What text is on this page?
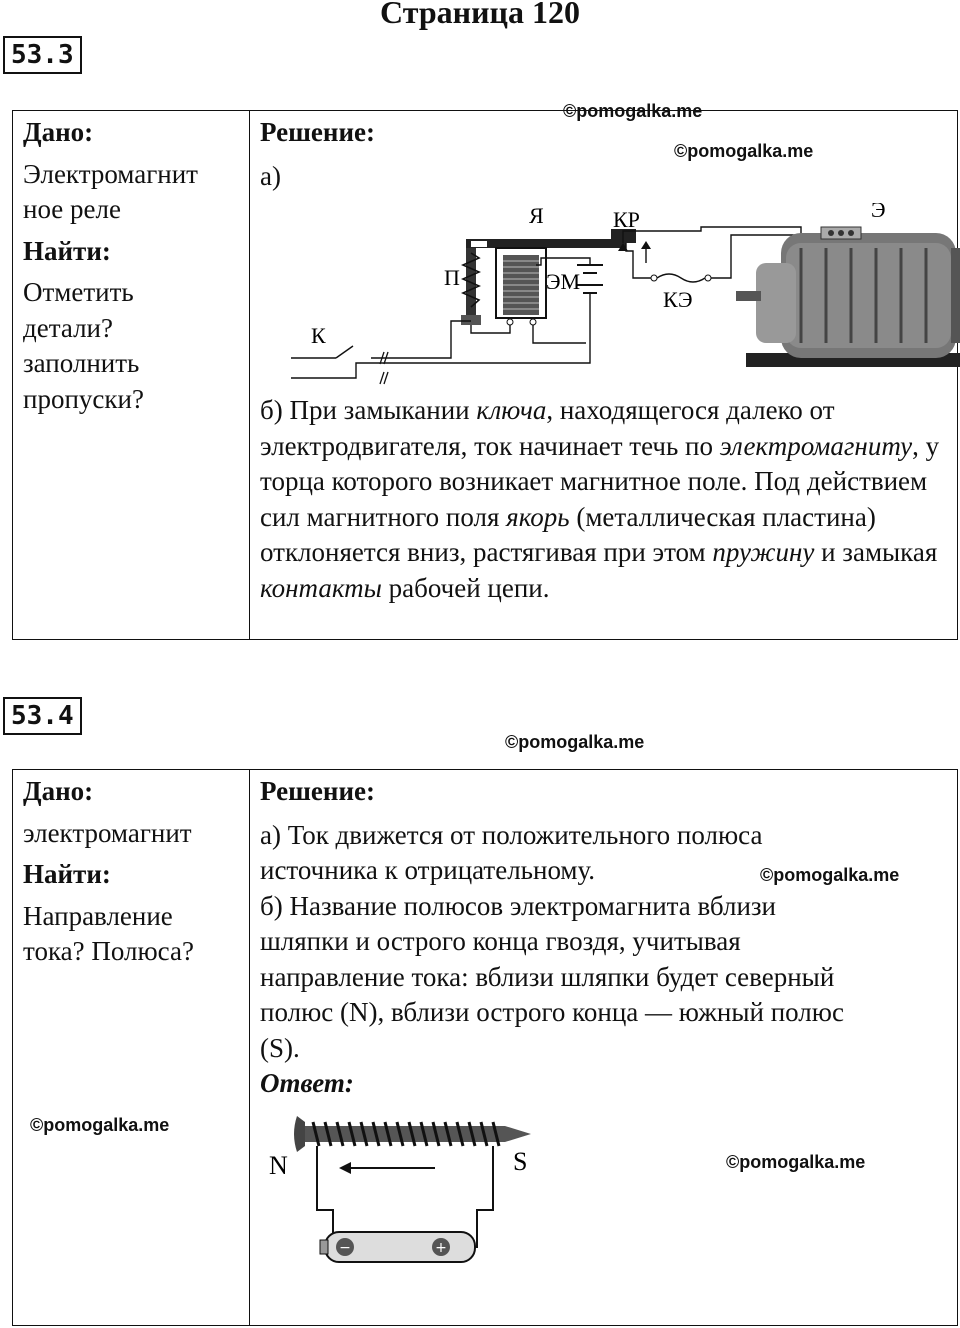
Страница 120
53.3
©pomogalka.me
©pomogalka.me
Дано:
Электромагнит
ное реле
Найти:
Отметить
детали?
заполнить
пропуски?
Решение:
а)
Я	КР	Э
П	ЭМ
КЭ
К
б) При замыкании ключа, находящегося далеко от электродвигателя, ток начинает течь по электромагниту, у торца которого возникает магнитное поле. Под действием сил магнитного поля якорь (металлическая пластина) отклоняется вниз, растягивая при этом пружину и замыкая контакты рабочей цепи.
53.4
©pomogalka.me
Дано:
электромагнит
Найти:
Направление
тока? Полюса?
Решение:
а) Ток движется от положительного полюса
источника к отрицательному.
б) Название полюсов электромагнита вблизи
шляпки и острого конца гвоздя, учитывая
направление тока: вблизи шляпки будет северный
полюс (N), вблизи острого конца — южный полюс
(S).
Ответ:
−	+
N	S
©pomogalka.me
©pomogalka.me
©pomogalka.me
